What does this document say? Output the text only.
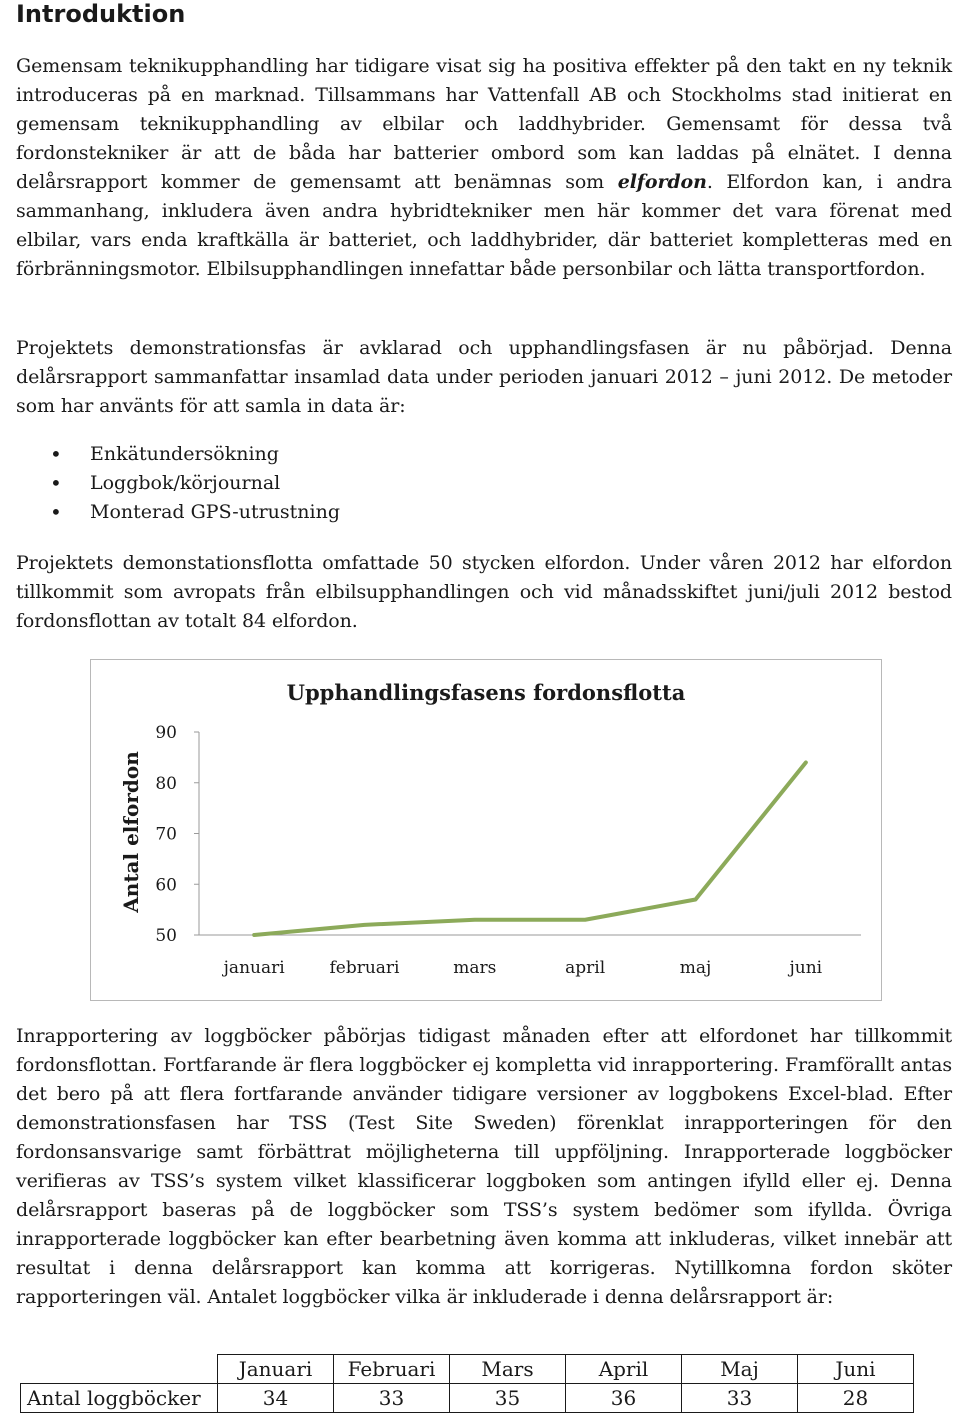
Introduktion

Gemensam teknikupphandling har tidigare visat sig ha positiva effekter på den takt en ny teknik introduceras på en marknad. Tillsammans har Vattenfall AB och Stockholms stad initierat en gemensam teknikupphandling av elbilar och laddhybrider. Gemensamt för dessa två fordonstekniker är att de båda har batterier ombord som kan laddas på elnätet. I denna delårsrapport kommer de gemensamt att benämnas som elfordon. Elfordon kan, i andra sammanhang, inkludera även andra hybridtekniker men här kommer det vara förenat med elbilar, vars enda kraftkälla är batteriet, och laddhybrider, där batteriet kompletteras med en förbränningsmotor. Elbilsupphandlingen innefattar både personbilar och lätta transportfordon.

Projektets demonstrationsfas är avklarad och upphandlingsfasen är nu påbörjad. Denna delårsrapport sammanfattar insamlad data under perioden januari 2012 – juni 2012. De metoder som har använts för att samla in data är:

• Enkätundersökning
• Loggbok/körjournal
• Monterad GPS-utrustning

Projektets demonstationsflotta omfattade 50 stycken elfordon. Under våren 2012 har elfordon tillkommit som avropats från elbilsupphandlingen och vid månadsskiftet juni/juli 2012 bestod fordonsflottan av totalt 84 elfordon.

Inrapportering av loggböcker påbörjas tidigast månaden efter att elfordonet har tillkommit fordonsflottan. Fortfarande är flera loggböcker ej kompletta vid inrapportering. Framförallt antas det bero på att flera fortfarande använder tidigare versioner av loggbokens Excel-blad. Efter demonstrationsfasen har TSS (Test Site Sweden) förenklat inrapporteringen för den fordonsansvarige samt förbättrat möjligheterna till uppföljning. Inrapporterade loggböcker verifieras av TSS’s system vilket klassificerar loggboken som antingen ifylld eller ej. Denna delårsrapport baseras på de loggböcker som TSS’s system bedömer som ifyllda. Övriga inrapporterade loggböcker kan efter bearbetning även komma att inkluderas, vilket innebär att resultat i denna delårsrapport kan komma att korrigeras. Nytillkomna fordon sköter rapporteringen väl. Antalet loggböcker vilka är inkluderade i denna delårsrapport är:

	Januari	Februari	Mars	April	Maj	Juni
Antal loggböcker	34	33	35	36	33	28
Upphandlingsfasens fordonsflotta
Antal elfordon
50
60
70
80
90
januari	februari	mars	april	maj	juni
